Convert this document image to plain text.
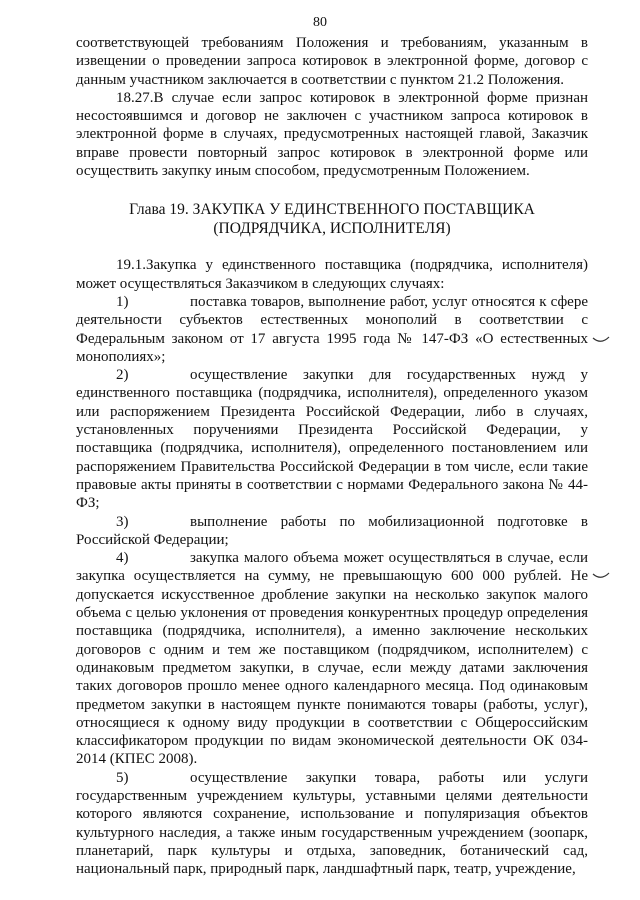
80

соответствующей требованиям Положения и требованиям, указанным в извещении о проведении запроса котировок в электронной форме, договор с данным участником заключается в соответствии с пунктом 21.2 Положения.

18.27.В случае если запрос котировок в электронной форме признан несостоявшимся и договор не заключен с участником запроса котировок в электронной форме в случаях, предусмотренных настоящей главой, Заказчик вправе провести повторный запрос котировок в электронной форме или осуществить закупку иным способом, предусмотренным Положением.

Глава 19. ЗАКУПКА У ЕДИНСТВЕННОГО ПОСТАВЩИКА
(ПОДРЯДЧИКА, ИСПОЛНИТЕЛЯ)

19.1.Закупка у единственного поставщика (подрядчика, исполнителя) может осуществляться Заказчиком в следующих случаях:

1)	поставка товаров, выполнение работ, услуг относятся к сфере деятельности субъектов естественных монополий в соответствии с Федеральным законом от 17 августа 1995 года № 147-ФЗ «О естественных монополиях»;

2)	осуществление закупки для государственных нужд у единственного поставщика (подрядчика, исполнителя), определенного указом или распоряжением Президента Российской Федерации, либо в случаях, установленных поручениями Президента Российской Федерации, у поставщика (подрядчика, исполнителя), определенного постановлением или распоряжением Правительства Российской Федерации в том числе, если такие правовые акты приняты в соответствии с нормами Федерального закона № 44-ФЗ;

3)	выполнение работы по мобилизационной подготовке в Российской Федерации;

4)	закупка малого объема может осуществляться в случае, если закупка осуществляется на сумму, не превышающую 600 000 рублей. Не допускается искусственное дробление закупки на несколько закупок малого объема с целью уклонения от проведения конкурентных процедур определения поставщика (подрядчика, исполнителя), а именно заключение нескольких договоров с одним и тем же поставщиком (подрядчиком, исполнителем) с одинаковым предметом закупки, в случае, если между датами заключения таких договоров прошло менее одного календарного месяца. Под одинаковым предметом закупки в настоящем пункте понимаются товары (работы, услуг), относящиеся к одному виду продукции в соответствии с Общероссийским классификатором продукции по видам экономической деятельности ОК 034-2014 (КПЕС 2008).

5)	осуществление закупки товара, работы или услуги государственным учреждением культуры, уставными целями деятельности которого являются сохранение, использование и популяризация объектов культурного наследия, а также иным государственным учреждением (зоопарк, планетарий, парк культуры и отдыха, заповедник, ботанический сад, национальный парк, природный парк, ландшафтный парк, театр, учреждение,
